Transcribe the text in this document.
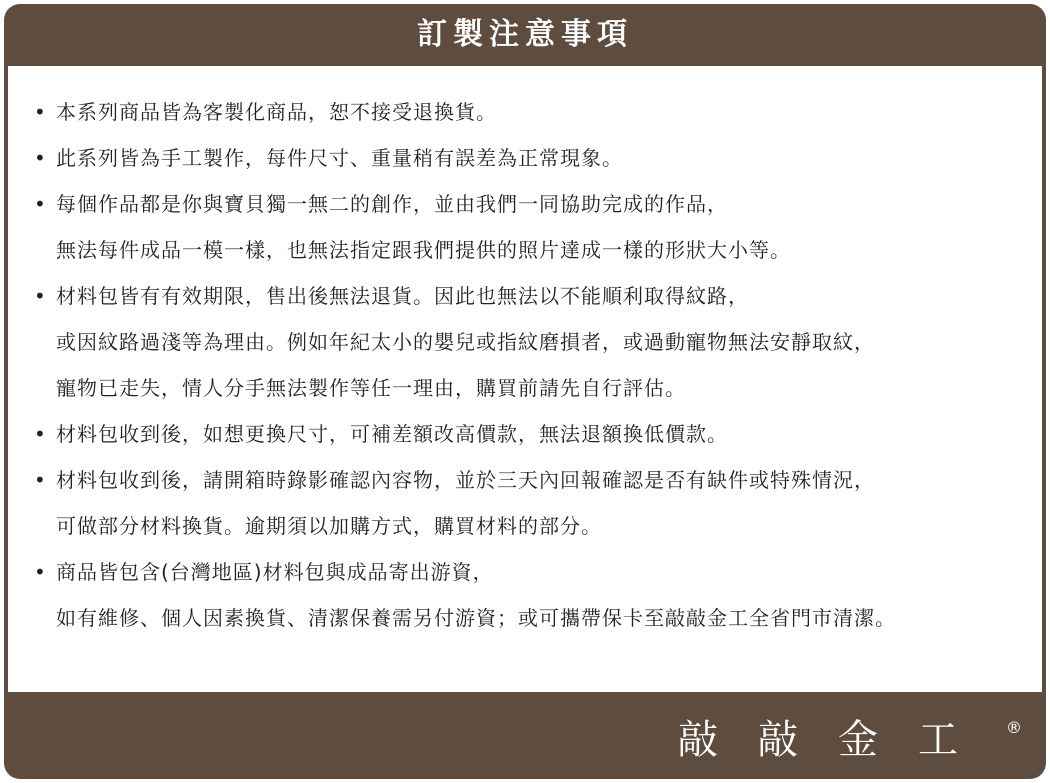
訂製注意事項
• 本系列商品皆為客製化商品，恕不接受退換貨。
• 此系列皆為手工製作，每件尺寸、重量稍有誤差為正常現象。
• 每個作品都是你與寶貝獨一無二的創作，並由我們一同協助完成的作品，
無法每件成品一模一樣，也無法指定跟我們提供的照片達成一樣的形狀大小等。
• 材料包皆有有效期限，售出後無法退貨。因此也無法以不能順利取得紋路，
或因紋路過淺等為理由。例如年紀太小的嬰兒或指紋磨損者，或過動寵物無法安靜取紋，
寵物已走失，情人分手無法製作等任一理由，購買前請先自行評估。
• 材料包收到後，如想更換尺寸，可補差額改高價款，無法退額換低價款。
• 材料包收到後，請開箱時錄影確認內容物，並於三天內回報確認是否有缺件或特殊情況，
可做部分材料換貨。逾期須以加購方式，購買材料的部分。
• 商品皆包含(台灣地區)材料包與成品寄出游資，
如有維修、個人因素換貨、清潔保養需另付游資；或可攜帶保卡至敲敲金工全省門市清潔。
敲敲金工 ®
